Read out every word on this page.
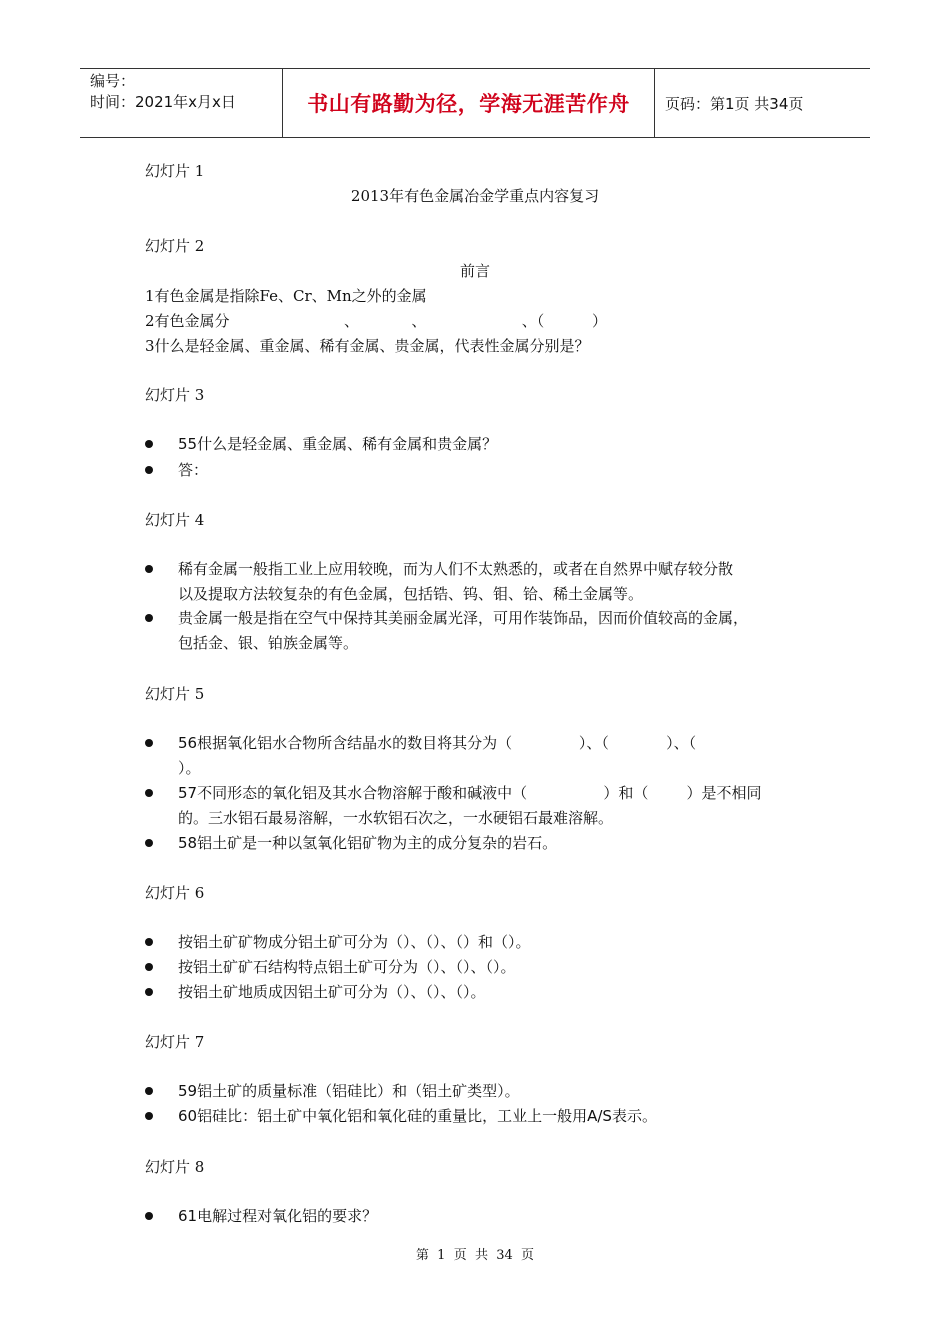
编号：
时间：2021年x月x日	书山有路勤为径，学海无涯苦作舟	页码：第1页 共34页
幻灯片 1
2013年有色金属冶金学重点内容复习
幻灯片 2
前言
1有色金属是指除Fe、Cr、Mn之外的金属
2有色金属分                        、           、                    、（          ）
3什么是轻金属、重金属、稀有金属、贵金属，代表性金属分别是？
幻灯片 3
55什么是轻金属、重金属、稀有金属和贵金属？
答：
幻灯片 4
稀有金属一般指工业上应用较晚，而为人们不太熟悉的，或者在自然界中赋存较分散
以及提取方法较复杂的有色金属，包括锆、钨、钼、铪、稀土金属等。
贵金属一般是指在空气中保持其美丽金属光泽，可用作装饰品，因而价值较高的金属，
包括金、银、铂族金属等。
幻灯片 5
56根据氧化铝水合物所含结晶水的数目将其分为（              ）、（            ）、（
）。
57不同形态的氧化铝及其水合物溶解于酸和碱液中（                ）和（        ）是不相同
的。三水铝石最易溶解，一水软铝石次之，一水硬铝石最难溶解。
58铝土矿是一种以氢氧化铝矿物为主的成分复杂的岩石。
幻灯片 6
按铝土矿矿物成分铝土矿可分为（）、（）、（）和（）。
按铝土矿矿石结构特点铝土矿可分为（）、（）、（）。
按铝土矿地质成因铝土矿可分为（）、（）、（）。
幻灯片 7
59铝土矿的质量标准（铝硅比）和（铝土矿类型）。
60铝硅比：铝土矿中氧化铝和氧化硅的重量比，工业上一般用A/S表示。
幻灯片 8
61电解过程对氧化铝的要求？
第  1  页  共  34  页
